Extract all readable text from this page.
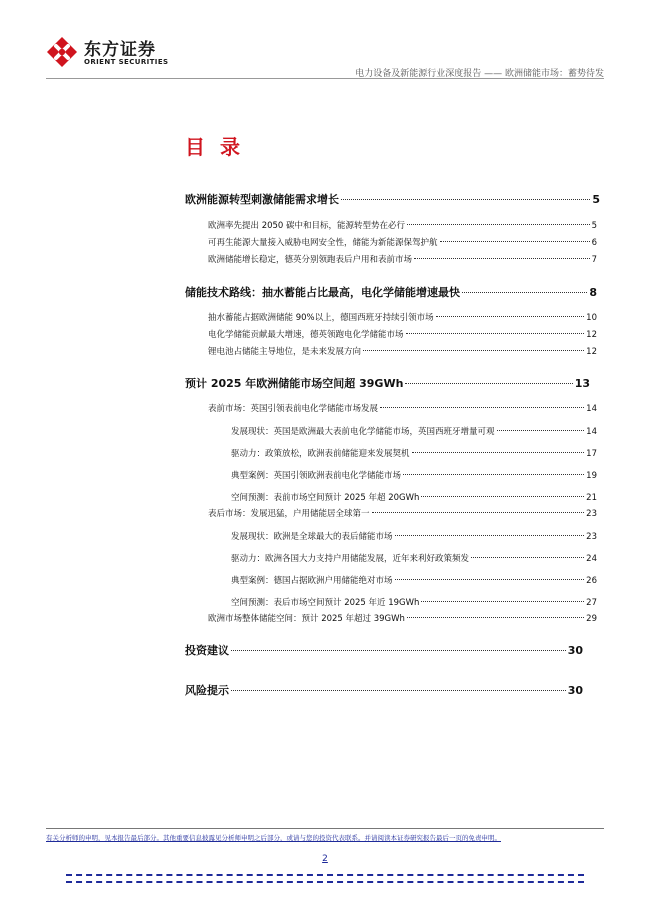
东方证券
ORIENT SECURITIES
电力设备及新能源行业深度报告 —— 欧洲储能市场：蓄势待发
目 录
欧洲能源转型刺激储能需求增长	5
欧洲率先提出 2050 碳中和目标，能源转型势在必行	5
可再生能源大量接入威胁电网安全性，储能为新能源保驾护航	6
欧洲储能增长稳定，德英分别领跑表后户用和表前市场	7
储能技术路线：抽水蓄能占比最高，电化学储能增速最快	8
抽水蓄能占据欧洲储能 90%以上，德国西班牙持续引领市场	10
电化学储能贡献最大增速，德英领跑电化学储能市场	12
锂电池占储能主导地位，是未来发展方向	12
预计 2025 年欧洲储能市场空间超 39GWh	13
表前市场：英国引领表前电化学储能市场发展	14
发展现状：英国是欧洲最大表前电化学储能市场，英国西班牙增量可观	14
驱动力：政策放松，欧洲表前储能迎来发展契机	17
典型案例：英国引领欧洲表前电化学储能市场	19
空间预测：表前市场空间预计 2025 年超 20GWh	21
表后市场：发展迅猛，户用储能居全球第一	23
发展现状：欧洲是全球最大的表后储能市场	23
驱动力：欧洲各国大力支持户用储能发展，近年来利好政策频发	24
典型案例：德国占据欧洲户用储能绝对市场	26
空间预测：表后市场空间预计 2025 年近 19GWh	27
欧洲市场整体储能空间：预计 2025 年超过 39GWh	29
投资建议	30
风险提示	30
有关分析师的申明，见本报告最后部分。其他重要信息披露见分析师申明之后部分，或请与您的投资代表联系。并请阅读本证券研究报告最后一页的免责申明。
2
